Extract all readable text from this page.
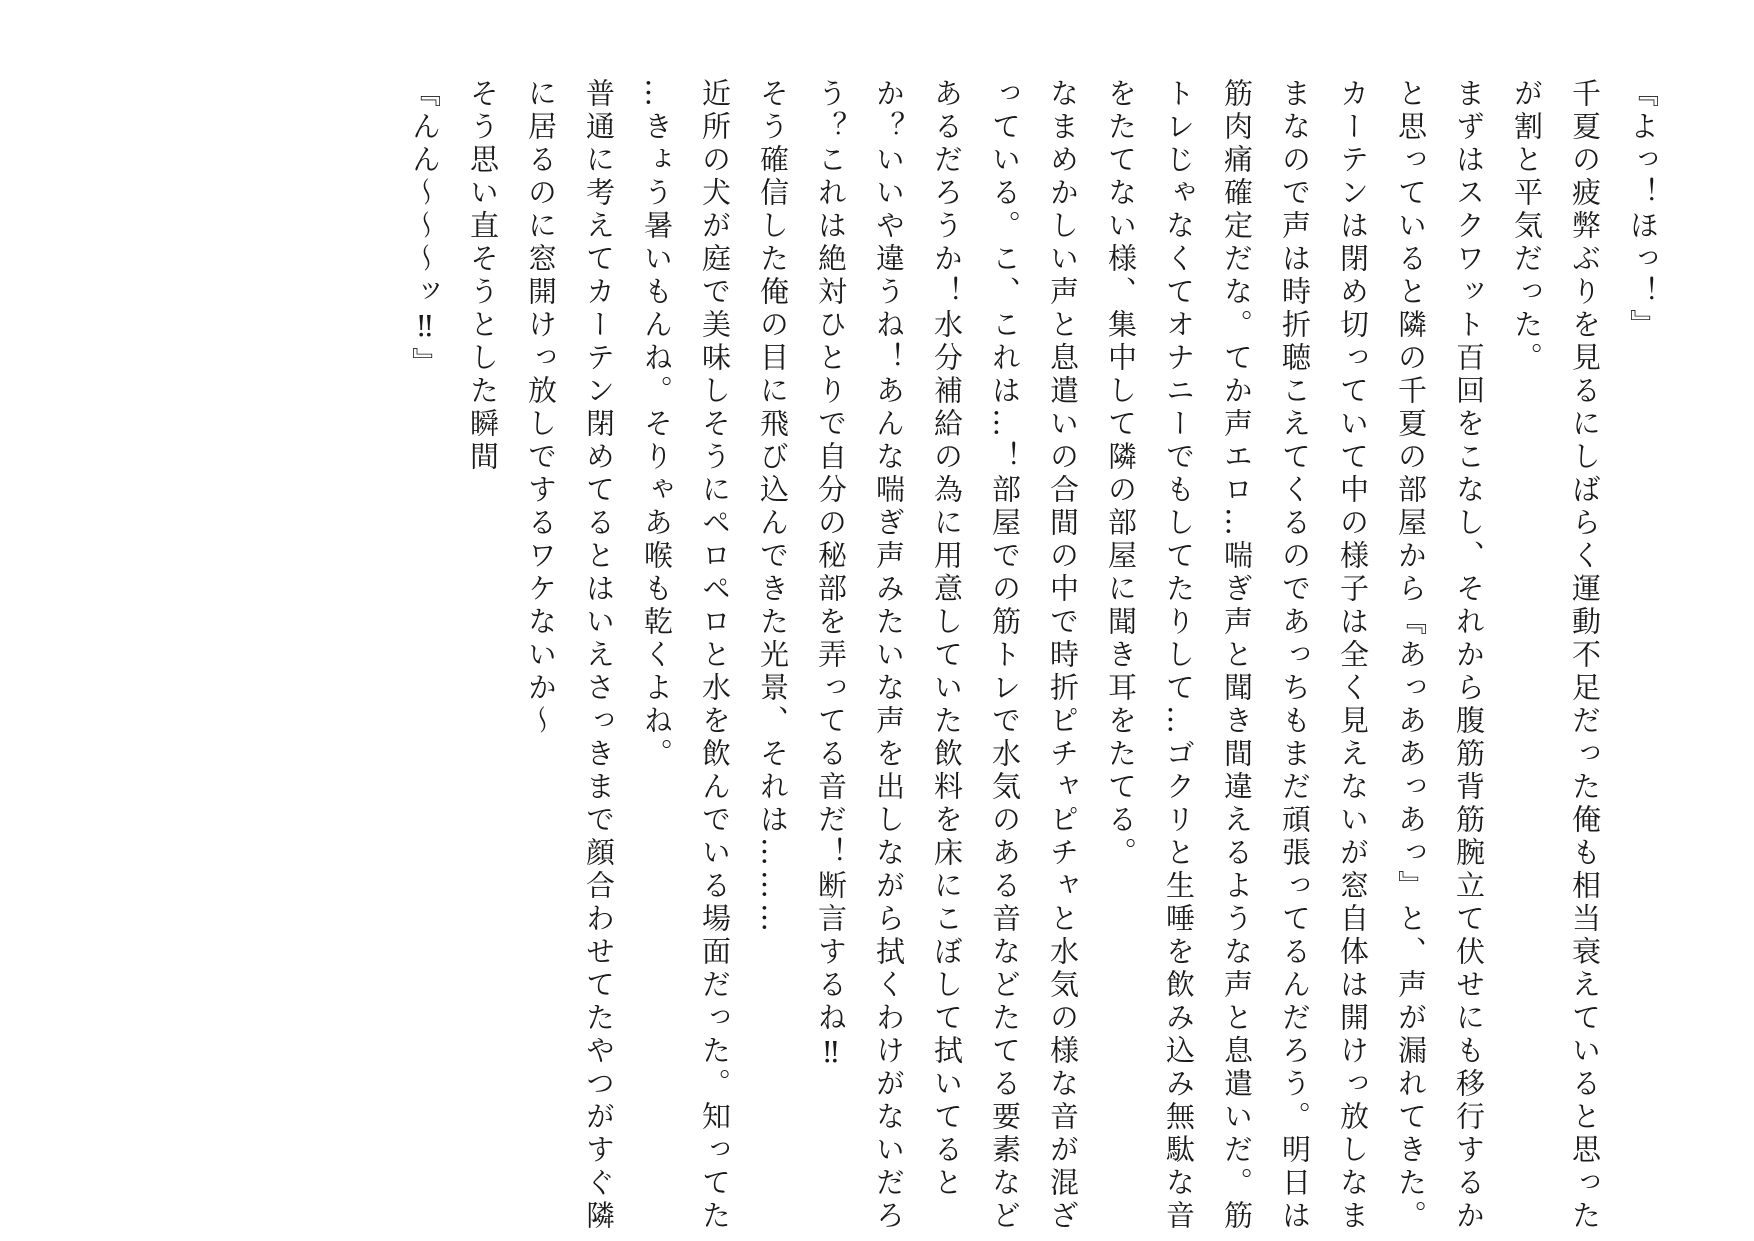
『よっ！ほっ！』
千夏の疲弊ぶりを見るにしばらく運動不足だった俺も相当衰えていると思った
が割と平気だった。
まずはスクワット百回をこなし、それから腹筋背筋腕立て伏せにも移行するか
と思っていると隣の千夏の部屋から『あっああっあっ』と、声が漏れてきた。
カーテンは閉め切っていて中の様子は全く見えないが窓自体は開けっ放しなま
まなので声は時折聴こえてくるのであっちもまだ頑張ってるんだろう。明日は
筋肉痛確定だな。てか声エロ…喘ぎ声と聞き間違えるような声と息遣いだ。筋
トレじゃなくてオナニーでもしてたりして…ゴクリと生唾を飲み込み無駄な音
をたてない様、集中して隣の部屋に聞き耳をたてる。
なまめかしい声と息遣いの合間の中で時折ピチャピチャと水気の様な音が混ざ
っている。こ、これは…！部屋での筋トレで水気のある音などたてる要素など
あるだろうか！水分補給の為に用意していた飲料を床にこぼして拭いてると
か？いいや違うね！あんな喘ぎ声みたいな声を出しながら拭くわけがないだろ
う？これは絶対ひとりで自分の秘部を弄ってる音だ！断言するね‼
そう確信した俺の目に飛び込んできた光景、それは………
近所の犬が庭で美味しそうにペロペロと水を飲んでいる場面だった。知ってた
…きょう暑いもんね。そりゃあ喉も乾くよね。
普通に考えてカーテン閉めてるとはいえさっきまで顔合わせてたやつがすぐ隣
に居るのに窓開けっ放しでするワケないか〜
そう思い直そうとした瞬間
『んん〜〜〜ッ‼』
